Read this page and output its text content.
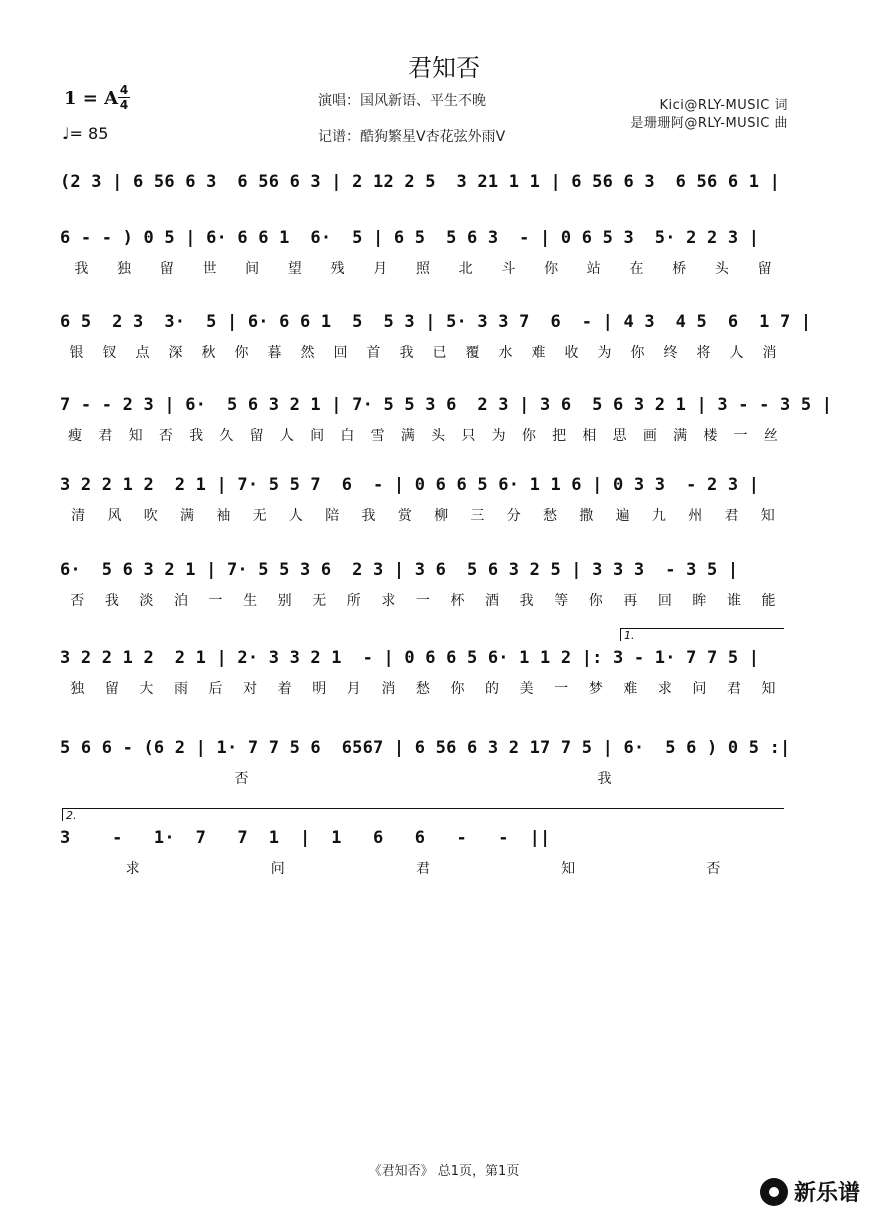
君知否
1 = A 4
4
♩= 85
演唱：国风新语、平生不晚
记谱：酷狗繁星V杏花弦外雨V
Kici@RLY-MUSIC 词
是珊珊阿@RLY-MUSIC 曲
(2 3 | 6 56 6 3  6 56 6 3 | 2 12 2 5  3 21 1 1 | 6 56 6 3  6 56 6 1 |
6 - - ) 0 5 | 6· 6 6 1  6·  5 | 6 5  5 6 3  - | 0 6 5 3  5· 2 2 3 |
我 独 留 世 间 望 残 月 照 北 斗 你 站 在 桥 头 留
6 5  2 3  3·  5 | 6· 6 6 1  5  5 3 | 5· 3 3 7  6  - | 4 3  4 5  6  1 7 |
银 钗 点 深 秋 你 暮 然 回 首 我 已 覆 水 难 收 为 你 终 将 人 消
7 - - 2 3 | 6·  5 6 3 2 1 | 7· 5 5 3 6  2 3 | 3 6  5 6 3 2 1 | 3 - - 3 5 |
瘦 君 知 否 我 久 留 人 间 白 雪 满 头 只 为 你 把 相 思 画 满 楼 一 丝
3 2 2 1 2  2 1 | 7· 5 5 7  6  - | 0 6 6 5 6· 1 1 6 | 0 3 3  - 2 3 |
清 风 吹 满 袖 无 人 陪 我 赏 柳 三 分 愁 撒 遍 九 州 君 知
6·  5 6 3 2 1 | 7· 5 5 3 6  2 3 | 3 6  5 6 3 2 5 | 3 3 3  - 3 5 |
否 我 淡 泊 一 生 别 无 所 求 一 杯 酒 我 等 你 再 回 眸 谁 能
3 2 2 1 2  2 1 | 2· 3 3 2 1  - | 0 6 6 5 6· 1 1 2 |: 3 - 1· 7 7 5 |
独 留 大 雨 后 对 着 明 月 消 愁 你 的 美 一 梦 难 求 问 君 知
5 6 6 - (6 2 | 1· 7 7 5 6  6567 | 6 56 6 3 2 17 7 5 | 6·  5 6 ) 0 5 :|
否	我
3    -   1·  7   7  1  |  1   6   6   -   -  ||
求	问	君	知	否
1.
2.
《君知否》 总1页，第1页
新乐谱
